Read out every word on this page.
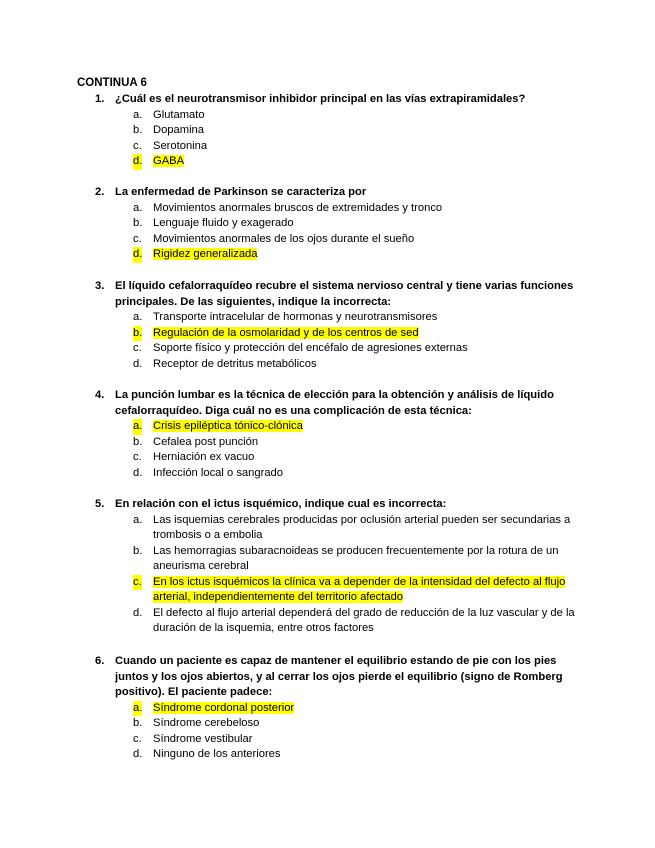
CONTINUA 6
1. ¿Cuál es el neurotransmisor inhibidor principal en las vías extrapiramidales?
a. Glutamato
b. Dopamina
c. Serotonina
d. GABA
2. La enfermedad de Parkinson se caracteriza por
a. Movimientos anormales bruscos de extremidades y tronco
b. Lenguaje fluido y exagerado
c. Movimientos anormales de los ojos durante el sueño
d. Rigidez generalizada
3. El líquido cefalorraquídeo recubre el sistema nervioso central y tiene varias funciones principales. De las siguientes, indique la incorrecta:
a. Transporte intracelular de hormonas y neurotransmisores
b. Regulación de la osmolaridad y de los centros de sed
c. Soporte físico y protección del encéfalo de agresiones externas
d. Receptor de detritus metabólicos
4. La punción lumbar es la técnica de elección para la obtención y análisis de líquido cefalorraquídeo. Diga cuál no es una complicación de esta técnica:
a. Crisis epiléptica tónico-clónica
b. Cefalea post punción
c. Herniación ex vacuo
d. Infección local o sangrado
5. En relación con el ictus isquémico, indique cual es incorrecta:
a. Las isquemias cerebrales producidas por oclusión arterial pueden ser secundarias a trombosis o a embolia
b. Las hemorragias subaracnoideas se producen frecuentemente por la rotura de un aneurisma cerebral
c. En los ictus isquémicos la clínica va a depender de la intensidad del defecto al flujo arterial, independientemente del territorio afectado
d. El defecto al flujo arterial dependerá del grado de reducción de la luz vascular y de la duración de la isquemia, entre otros factores
6. Cuando un paciente es capaz de mantener el equilibrio estando de pie con los pies juntos y los ojos abiertos, y al cerrar los ojos pierde el equilibrio (signo de Romberg positivo). El paciente padece:
a. Síndrome cordonal posterior
b. Síndrome cerebeloso
c. Síndrome vestibular
d. Ninguno de los anteriores
